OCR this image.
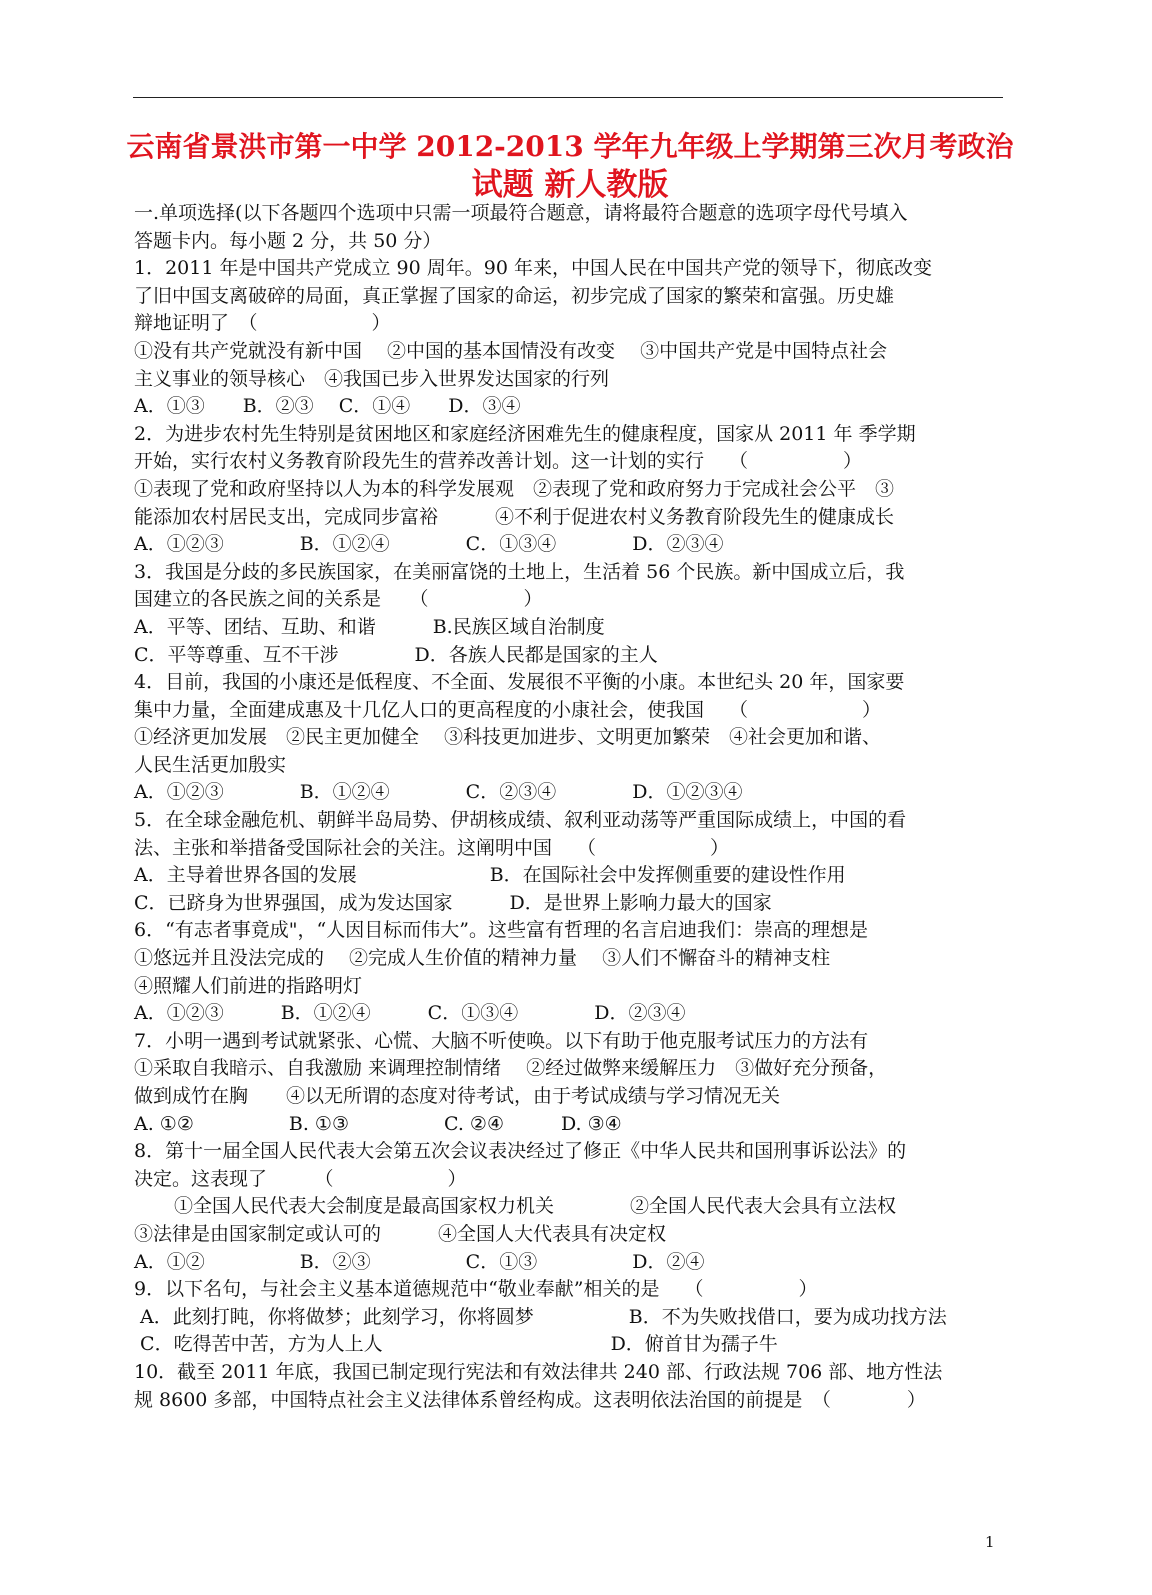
云南省景洪市第一中学 2012-2013 学年九年级上学期第三次月考政治
试题 新人教版
一.单项选择(以下各题四个选项中只需一项最符合题意，请将最符合题意的选项字母代号填入
答题卡内。每小题 2 分，共 50 分）
1．2011 年是中国共产党成立 90 周年。90 年来，中国人民在中国共产党的领导下，彻底改变
了旧中国支离破碎的局面，真正掌握了国家的命运，初步完成了国家的繁荣和富强。历史雄
辩地证明了　（　　　　　　）
①没有共产党就没有新中国　 ②中国的基本国情没有改变　 ③中国共产党是中国特点社会
主义事业的领导核心　④我国已步入世界发达国家的行列
A．①③　　B．②③　 C．①④　　D．③④
2．为进步农村先生特别是贫困地区和家庭经济困难先生的健康程度，国家从 2011 年 季学期
开始，实行农村义务教育阶段先生的营养改善计划。这一计划的实行　 （　　　　　）
①表现了党和政府坚持以人为本的科学发展观　②表现了党和政府努力于完成社会公平　③
能添加农村居民支出，完成同步富裕　　　④不利于促进农村义务教育阶段先生的健康成长
A．①②③　　　　B．①②④　　　　C．①③④　　　　D．②③④
3．我国是分歧的多民族国家，在美丽富饶的土地上，生活着 56 个民族。新中国成立后，我
国建立的各民族之间的关系是　　（　　　　　）
A．平等、团结、互助、和谐　　　B.民族区域自治制度
C．平等尊重、互不干涉　　　　D．各族人民都是国家的主人
4．目前，我国的小康还是低程度、不全面、发展很不平衡的小康。本世纪头 20 年，国家要
集中力量，全面建成惠及十几亿人口的更高程度的小康社会，使我国　 （　　　　　　）
①经济更加发展　②民主更加健全　 ③科技更加进步、文明更加繁荣　④社会更加和谐、
人民生活更加殷实
A．①②③　　　　B．①②④　　　　C．②③④　　　　D．①②③④
5．在全球金融危机、朝鲜半岛局势、伊胡核成绩、叙利亚动荡等严重国际成绩上，中国的看
法、主张和举措备受国际社会的关注。这阐明中国　 （　　　　　　）
A．主导着世界各国的发展　　　　　　　B．在国际社会中发挥侧重要的建设性作用
C．已跻身为世界强国，成为发达国家　　　D．是世界上影响力最大的国家
6．“有志者事竟成"，“人因目标而伟大”。这些富有哲理的名言启迪我们：崇高的理想是
①悠远并且没法完成的　 ②完成人生价值的精神力量　 ③人们不懈奋斗的精神支柱
④照耀人们前进的指路明灯
A．①②③　　　B．①②④　　　C．①③④　　　　D．②③④
7．小明一遇到考试就紧张、心慌、大脑不听使唤。以下有助于他克服考试压力的方法有
①采取自我暗示、自我激励 来调理控制情绪　 ②经过做弊来缓解压力　③做好充分预备，
做到成竹在胸　　④以无所谓的态度对待考试，由于考试成绩与学习情况无关
A. ①②　　　　　B. ①③　　　　　C. ②④　　　D. ③④
8．第十一届全国人民代表大会第五次会议表决经过了修正《中华人民共和国刑事诉讼法》的
决定。这表现了　　　（　　　　　　）
①全国人民代表大会制度是最高国家权力机关　　　　②全国人民代表大会具有立法权
③法律是由国家制定或认可的　　　④全国人大代表具有决定权
A．①②　　　　　B．②③　　　　　C．①③　　　　　D．②④
9．以下名句，与社会主义基本道德规范中“敬业奉献”相关的是　 （　　　　　）
A．此刻打盹，你将做梦；此刻学习，你将圆梦　　　　　B．不为失败找借口，要为成功找方法
C．吃得苦中苦，方为人上人　　　　　　　　　　　　D．俯首甘为孺子牛
10．截至 2011 年底，我国已制定现行宪法和有效法律共 240 部、行政法规 706 部、地方性法
规 8600 多部，中国特点社会主义法律体系曾经构成。这表明依法治国的前提是　（　　　　）
1
